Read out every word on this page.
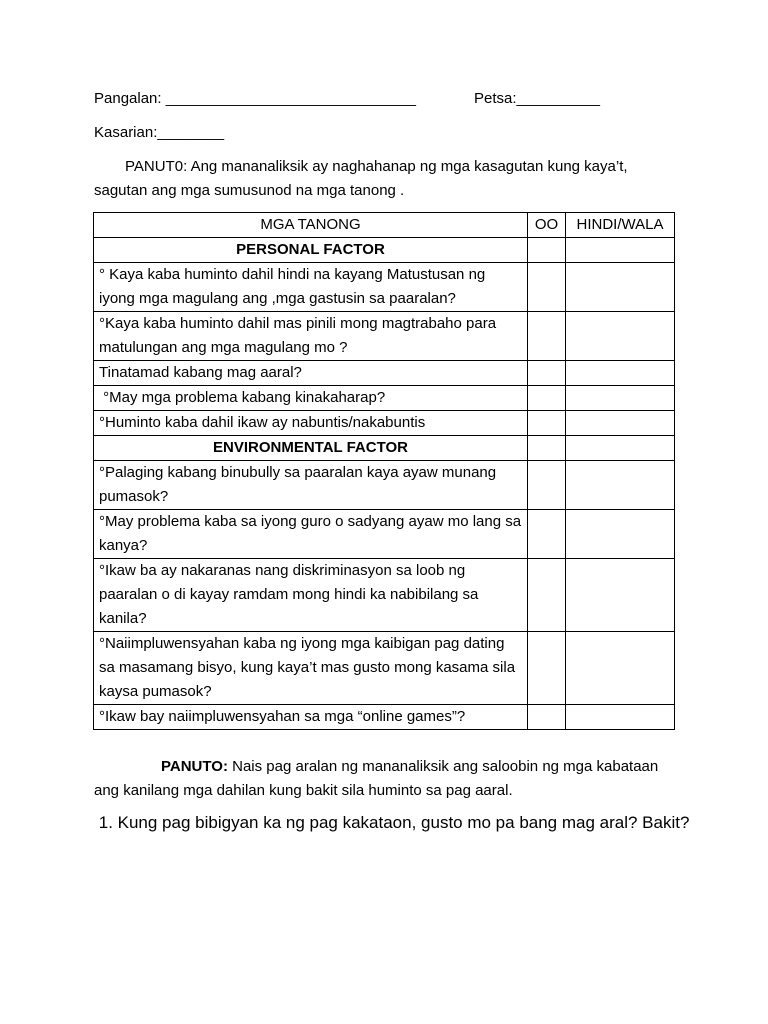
Pangalan: ______________________________	Petsa:__________
Kasarian:________
PANUT0: Ang mananaliksik ay naghahanap ng mga kasagutan kung kaya’t, sagutan ang mga sumusunod na mga tanong .
MGA TANONG	OO	HINDI/WALA
PERSONAL FACTOR		
° Kaya kaba huminto dahil hindi na kayang Matustusan ng iyong mga magulang ang ,mga gastusin sa paaralan?		
°Kaya kaba huminto dahil mas pinili mong magtrabaho para matulungan ang mga magulang mo ?		
Tinatamad kabang mag aaral?		
°May mga problema kabang kinakaharap?		
°Huminto kaba dahil ikaw ay nabuntis/nakabuntis		
ENVIRONMENTAL FACTOR		
°Palaging kabang binubully sa paaralan kaya ayaw munang pumasok?		
°May problema kaba sa iyong guro o sadyang ayaw mo lang sa kanya?		
°Ikaw ba ay nakaranas nang diskriminasyon sa loob ng paaralan o di kayay ramdam mong hindi ka nabibilang sa kanila?		
°Naiimpluwensyahan kaba ng iyong mga kaibigan pag dating sa masamang bisyo, kung kaya’t mas gusto mong kasama sila kaysa pumasok?		
°Ikaw bay naiimpluwensyahan sa mga “online games”?		
PANUTO: Nais pag aralan ng mananaliksik ang saloobin ng mga kabataan ang kanilang mga dahilan kung bakit sila huminto sa pag aaral.
1. Kung pag bibigyan ka ng pag kakataon, gusto mo pa bang mag aral? Bakit?
